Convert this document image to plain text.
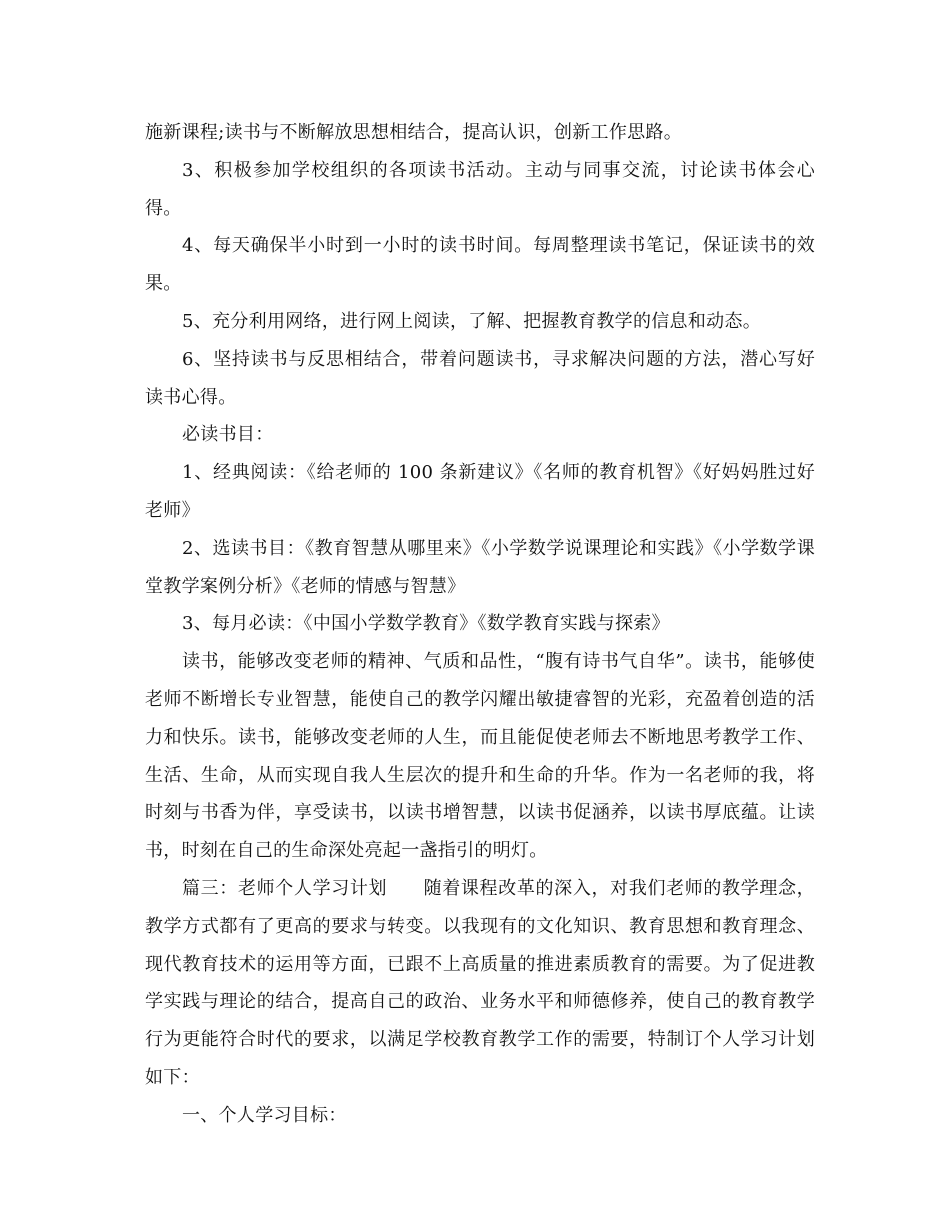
施新课程;读书与不断解放思想相结合，提高认识，创新工作思路。

3、积极参加学校组织的各项读书活动。主动与同事交流，讨论读书体会心得。

4、每天确保半小时到一小时的读书时间。每周整理读书笔记，保证读书的效果。

5、充分利用网络，进行网上阅读，了解、把握教育教学的信息和动态。

6、坚持读书与反思相结合，带着问题读书，寻求解决问题的方法，潜心写好读书心得。

必读书目：

1、经典阅读：《给老师的 100 条新建议》《名师的教育机智》《好妈妈胜过好老师》

2、选读书目：《教育智慧从哪里来》《小学数学说课理论和实践》《小学数学课堂教学案例分析》《老师的情感与智慧》

3、每月必读：《中国小学数学教育》《数学教育实践与探索》

读书，能够改变老师的精神、气质和品性，“腹有诗书气自华”。读书，能够使老师不断增长专业智慧，能使自己的教学闪耀出敏捷睿智的光彩，充盈着创造的活力和快乐。读书，能够改变老师的人生，而且能促使老师去不断地思考教学工作、生活、生命，从而实现自我人生层次的提升和生命的升华。作为一名老师的我，将时刻与书香为伴，享受读书，以读书增智慧，以读书促涵养，以读书厚底蕴。让读书，时刻在自己的生命深处亮起一盏指引的明灯。

篇三：老师个人学习计划 随着课程改革的深入，对我们老师的教学理念，教学方式都有了更高的要求与转变。以我现有的文化知识、教育思想和教育理念、现代教育技术的运用等方面，已跟不上高质量的推进素质教育的需要。为了促进教学实践与理论的结合，提高自己的政治、业务水平和师德修养，使自己的教育教学行为更能符合时代的要求，以满足学校教育教学工作的需要，特制订个人学习计划如下：

一、个人学习目标：
